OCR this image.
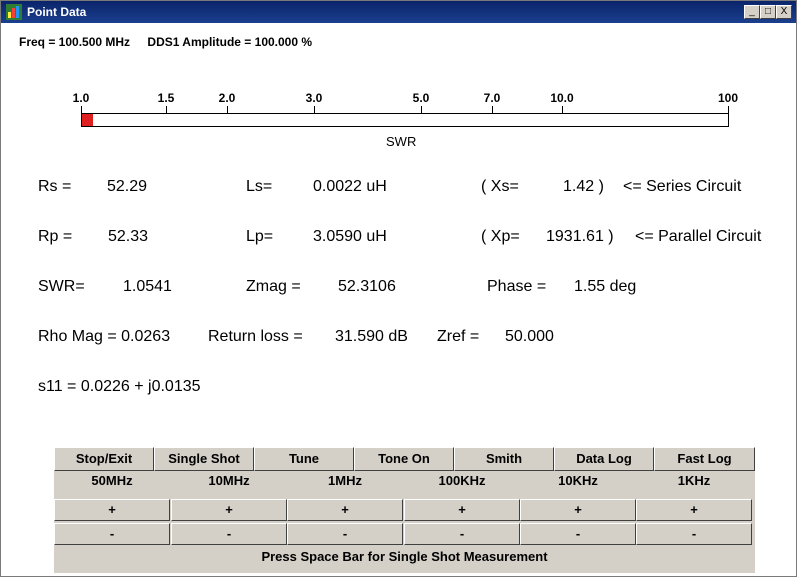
Point Data	_	□ X
Freq = 100.500 MHz DDS1 Amplitude = 100.000 %
1.0	1.5	2.0	3.0	5.0	7.0	10.0	100
SWR
Rs = 52.29	Ls=	0.0022 uH	( Xs=	1.42 ) <= Series Circuit
Rp = 52.33	Lp= 3.0590 uH	( Xp= 1931.61 ) <= Parallel Circuit
SWR= 1.0541	Zmag = 52.3106	Phase = 1.55 deg
Rho Mag = 0.0263 Return loss = 31.590 dB Zref = 50.000
s11 = 0.0226 + j0.0135
Stop/Exit	Single Shot	Tune	Tone On	Smith	Data Log	Fast Log
50MHz	10MHz	1MHz	100KHz	10KHz	1KHz
+	+	+	+	+	+
-	-	-	-	-	-
Press Space Bar for Single Shot Measurement
